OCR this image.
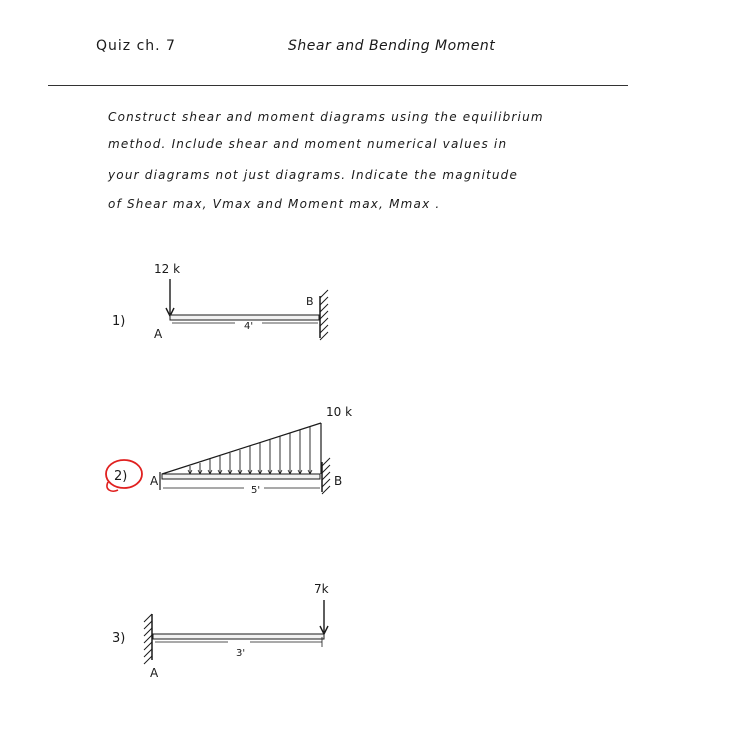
Quiz ch. 7	Shear and Bending Moment
Construct shear and moment diagrams using the equilibrium
method. Include shear and moment numerical values in
your diagrams not just diagrams. Indicate the magnitude
of Shear max, Vmax and Moment max, Mmax .
1)
12 k
A
B
4'
2) A
10 k
B
5'
3)
A
7k
3'
